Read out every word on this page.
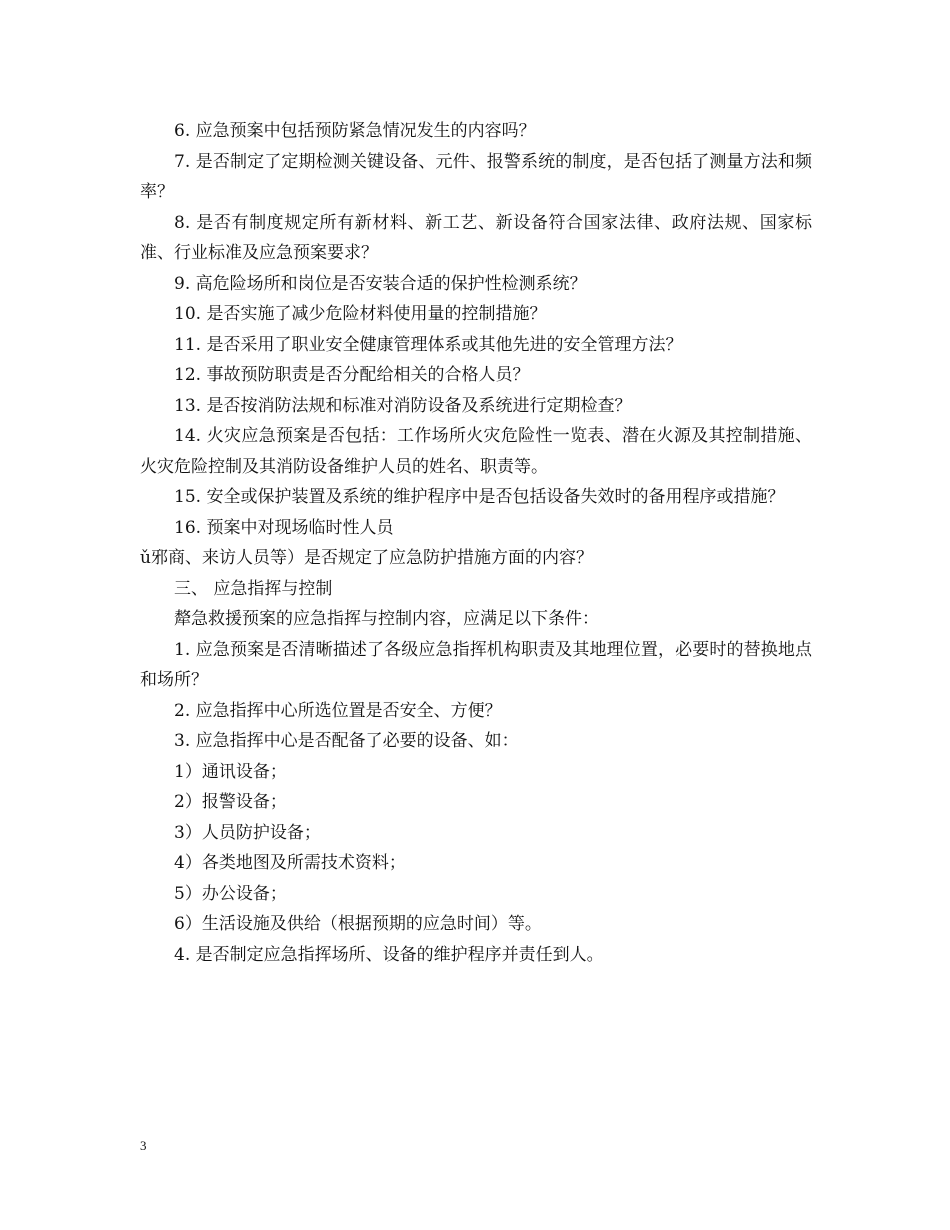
6. 应急预案中包括预防紧急情况发生的内容吗？

7. 是否制定了定期检测关键设备、元件、报警系统的制度，是否包括了测量方法和频率？

8. 是否有制度规定所有新材料、新工艺、新设备符合国家法律、政府法规、国家标准、行业标准及应急预案要求？

9. 高危险场所和岗位是否安装合适的保护性检测系统？

10. 是否实施了减少危险材料使用量的控制措施？

11. 是否采用了职业安全健康管理体系或其他先进的安全管理方法？

12. 事故预防职责是否分配给相关的合格人员？

13. 是否按消防法规和标准对消防设备及系统进行定期检查？

14. 火灾应急预案是否包括：工作场所火灾危险性一览表、潜在火源及其控制措施、火灾危险控制及其消防设备维护人员的姓名、职责等。

15. 安全或保护装置及系统的维护程序中是否包括设备失效时的备用程序或措施？

16. 预案中对现场临时性人员

ǔ邪商、来访人员等）是否规定了应急防护措施方面的内容？

三、 应急指挥与控制

犛急救援预案的应急指挥与控制内容，应满足以下条件：

1. 应急预案是否清晰描述了各级应急指挥机构职责及其地理位置，必要时的替换地点和场所？

2. 应急指挥中心所选位置是否安全、方便？

3. 应急指挥中心是否配备了必要的设备、如：

1）通讯设备；

2）报警设备；

3）人员防护设备；

4）各类地图及所需技术资料；

5）办公设备；

6）生活设施及供给（根据预期的应急时间）等。

4. 是否制定应急指挥场所、设备的维护程序并责任到人。

3
